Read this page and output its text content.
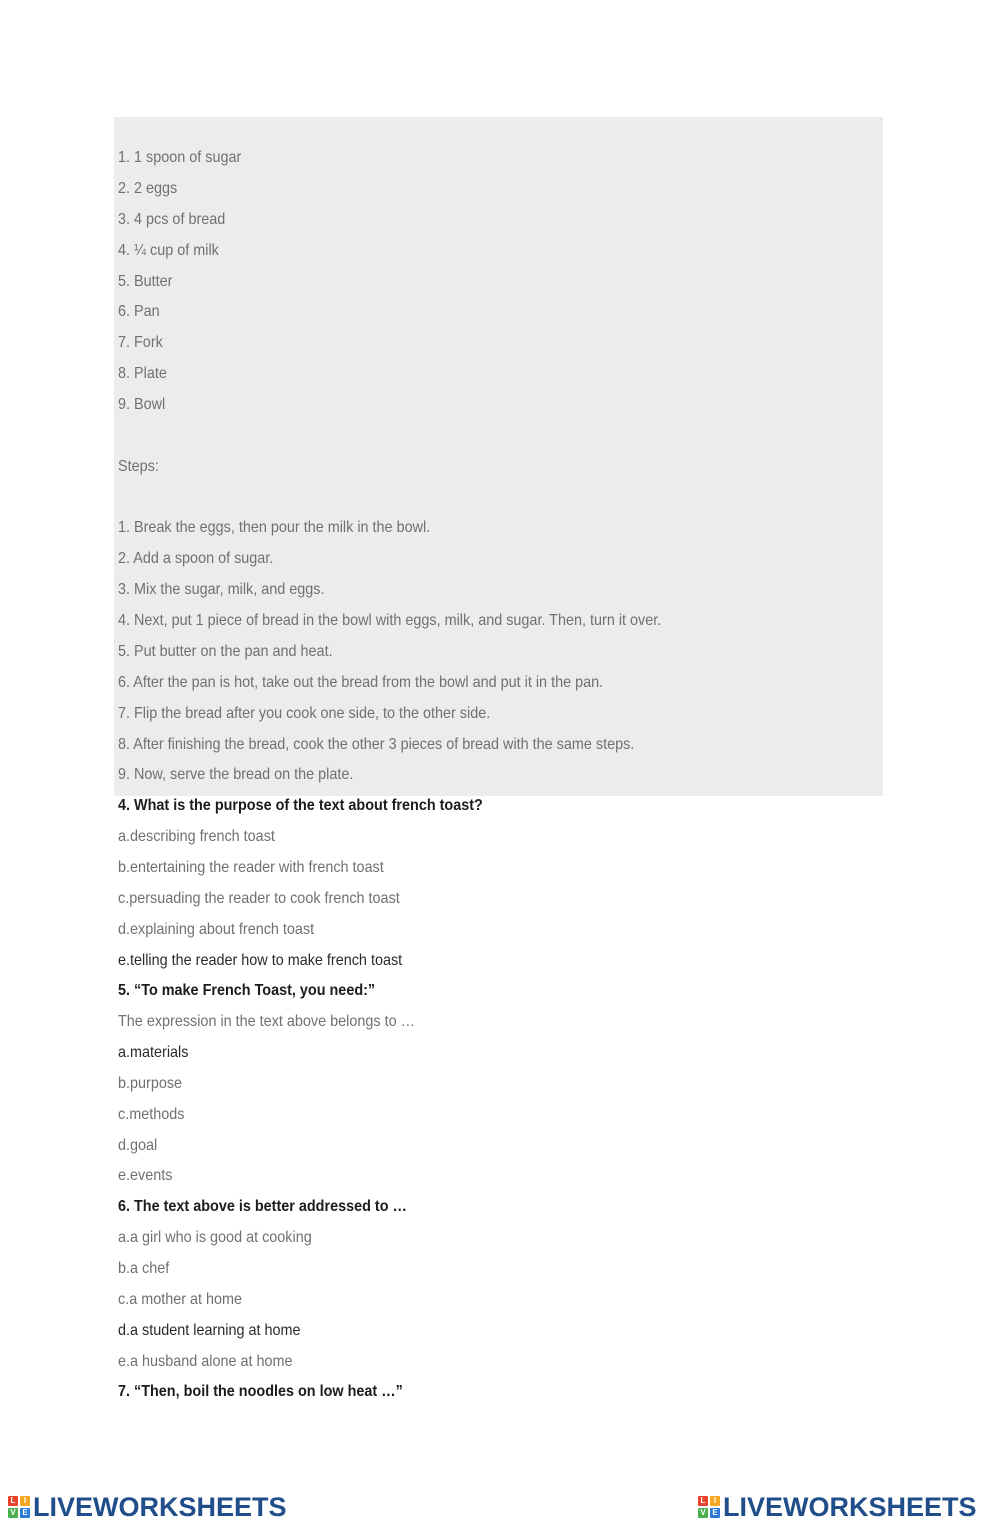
1. 1 spoon of sugar
2. 2 eggs
3. 4 pcs of bread
4. ¼ cup of milk
5. Butter
6. Pan
7. Fork
8. Plate
9. Bowl
Steps:
1. Break the eggs, then pour the milk in the bowl.
2. Add a spoon of sugar.
3. Mix the sugar, milk, and eggs.
4. Next, put 1 piece of bread in the bowl with eggs, milk, and sugar. Then, turn it over.
5. Put butter on the pan and heat.
6. After the pan is hot, take out the bread from the bowl and put it in the pan.
7. Flip the bread after you cook one side, to the other side.
8. After finishing the bread, cook the other 3 pieces of bread with the same steps.
9. Now, serve the bread on the plate.
4. What is the purpose of the text about french toast?
a.describing french toast
b.entertaining the reader with french toast
c.persuading the reader to cook french toast
d.explaining about french toast
e.telling the reader how to make french toast
5. “To make French Toast, you need:”
The expression in the text above belongs to …
a.materials
b.purpose
c.methods
d.goal
e.events
6. The text above is better addressed to …
a.a girl who is good at cooking
b.a chef
c.a mother at home
d.a student learning at home
e.a husband alone at home
7. “Then, boil the noodles on low heat …”
L	I
V E LIVEWORKSHEETS	L	I
V E LIVEWORKSHEETS
